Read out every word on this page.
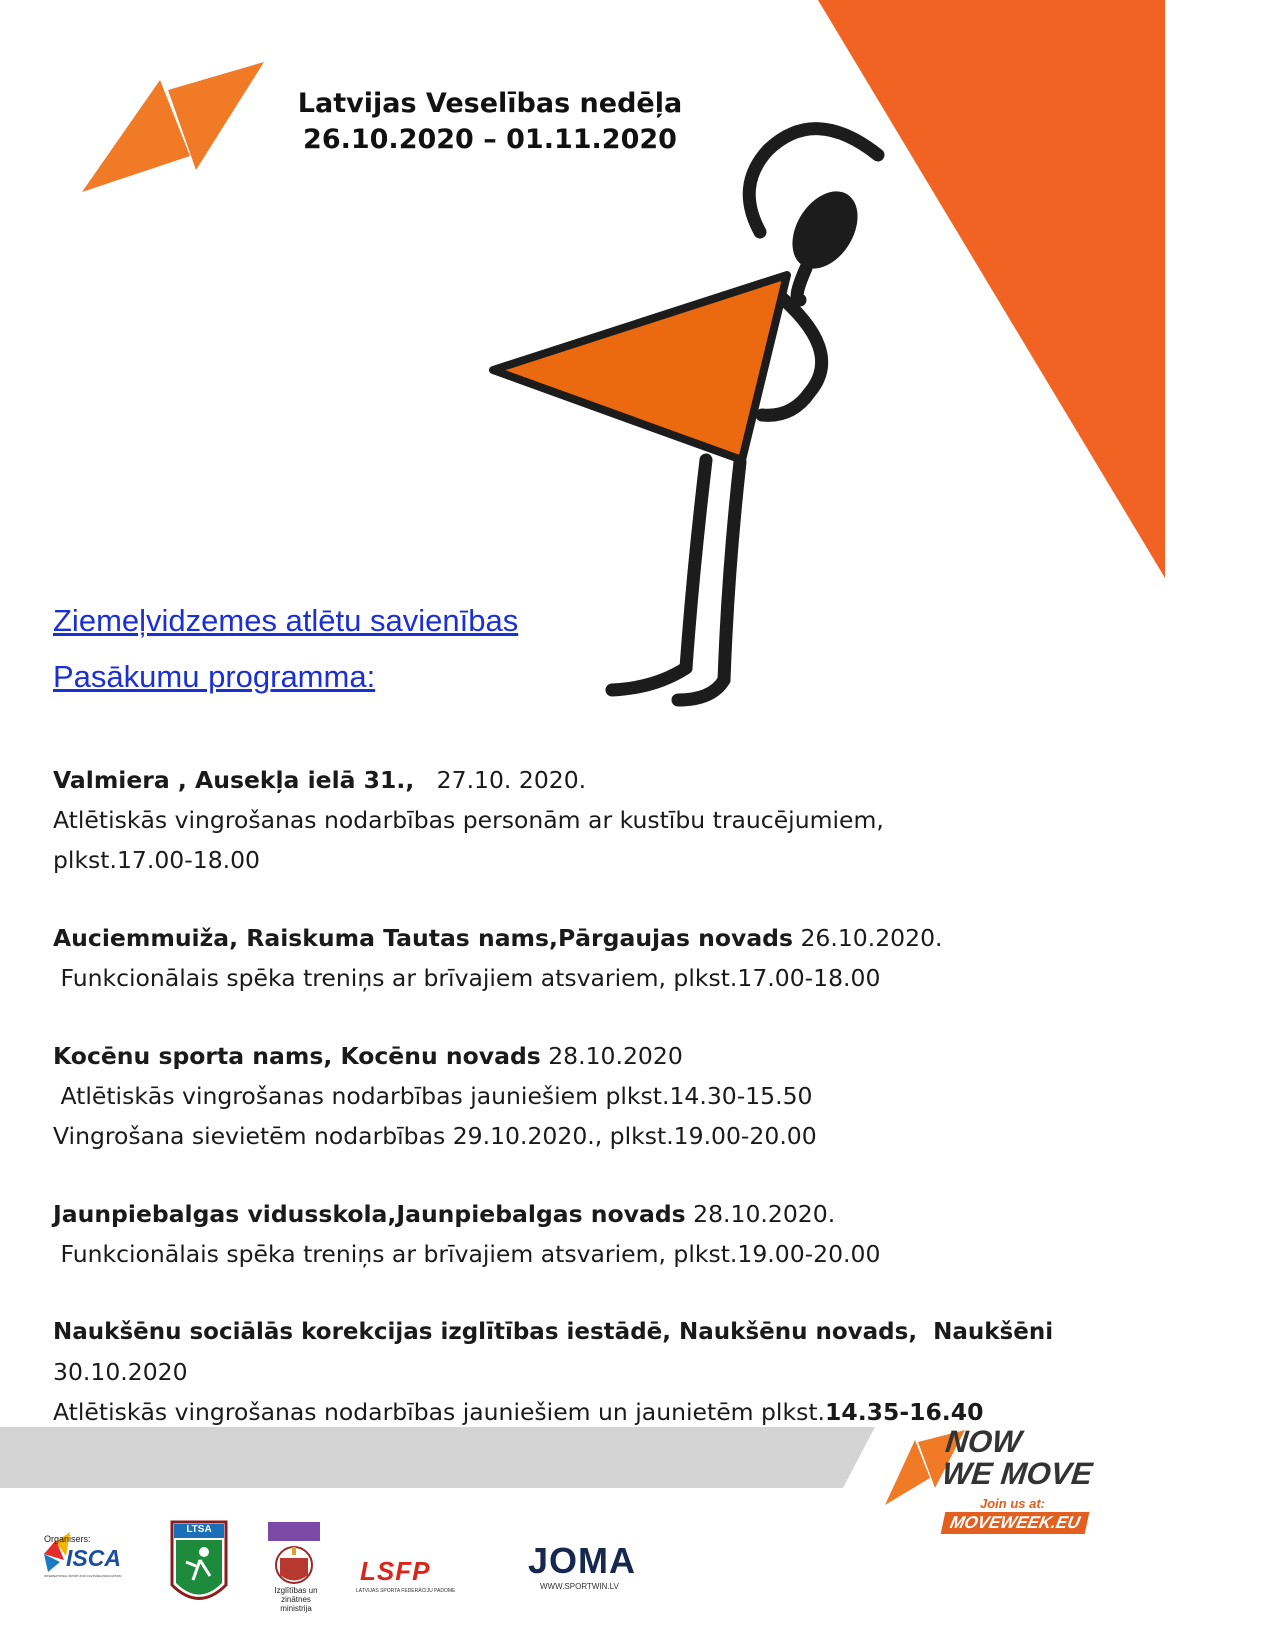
Latvijas Veselības nedēļa
26.10.2020 – 01.11.2020
Ziemeļvidzemes atlētu savienības
Pasākumu programma:
Valmiera , Ausekļa ielā 31.,   27.10. 2020.
Atlētiskās vingrošanas nodarbības personām ar kustību traucējumiem,
plkst.17.00-18.00
Auciemmuiža, Raiskuma Tautas nams,Pārgaujas novads 26.10.2020.
Funkcionālais spēka treniņs ar brīvajiem atsvariem, plkst.17.00-18.00
Kocēnu sporta nams, Kocēnu novads 28.10.2020
Atlētiskās vingrošanas nodarbības jauniešiem plkst.14.30-15.50
Vingrošana sievietēm nodarbības 29.10.2020., plkst.19.00-20.00
Jaunpiebalgas vidusskola,Jaunpiebalgas novads 28.10.2020.
Funkcionālais spēka treniņs ar brīvajiem atsvariem, plkst.19.00-20.00
Naukšēnu sociālās korekcijas izglītības iestādē, Naukšēnu novads,  Naukšēni
30.10.2020
Atlētiskās vingrošanas nodarbības jauniešiem un jaunietēm plkst.14.35-16.40
NOW
WE MOVE
Join us at:
MOVEWEEK.EU
Organisers:
ISCA
INTERNATIONAL SPORT AND CULTURE ASSOCIATION
LTSA
Izglītības un zinātnes ministrija
LSFP
LATVIJAS SPORTA FEDERĀCIJU PADOME
JOMA
WWW.SPORTWIN.LV
